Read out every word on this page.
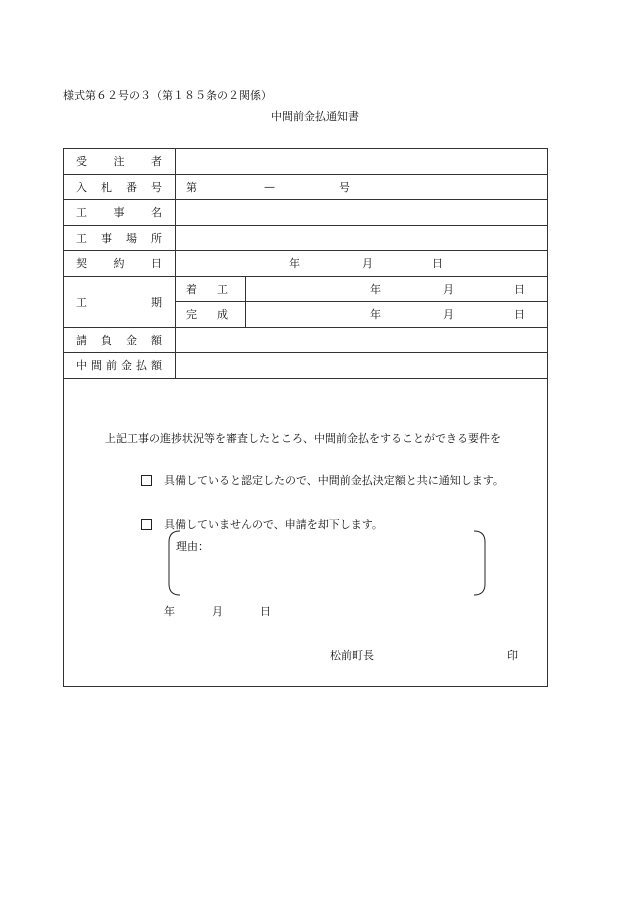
様式第６２号の３（第１８５条の２関係）
中間前金払通知書
受注者		

入札番号	第 — 号	

工事名		

工事場所		

契約日	年 月 日	

工期	着工	年 月 日

	完成	年 月 日

請負金額		

中間前金払額		

上記工事の進捗状況等を審査したところ、中間前金払をすることができる要件を
具備していると認定したので、中間前金払決定額と共に通知します。
具備していませんので、申請を却下します。
理由：
年	月	日
松前町長	印
